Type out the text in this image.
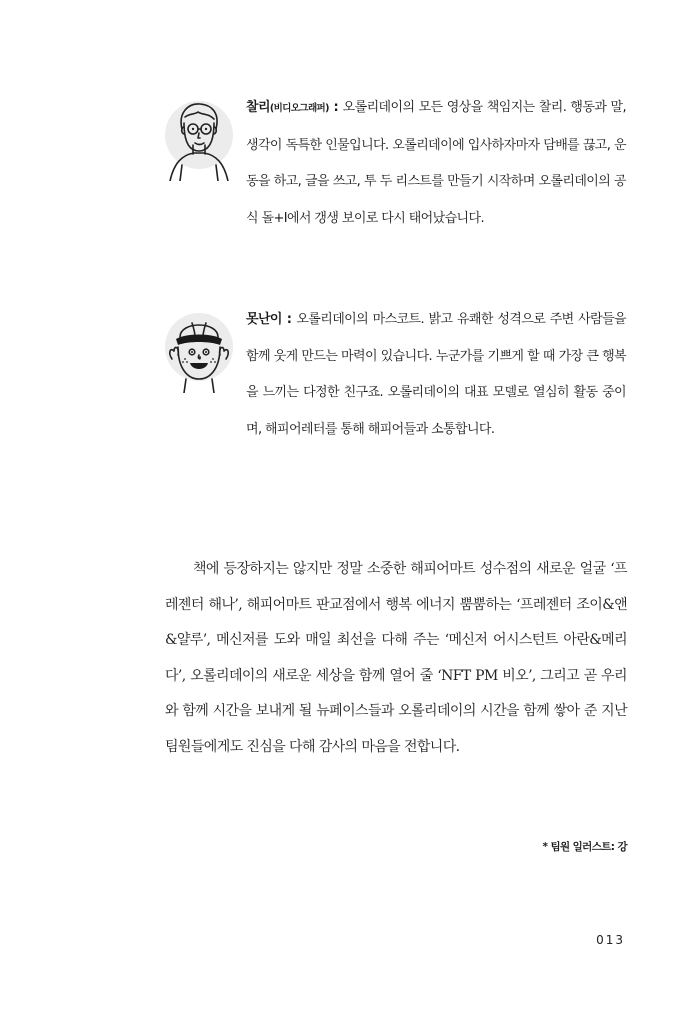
찰리(비디오그래퍼) : 오롤리데이의 모든 영상을 책임지는 찰리. 행동과 말, 생각이 독특한 인물입니다. 오롤리데이에 입사하자마자 담배를 끊고, 운동을 하고, 글을 쓰고, 투 두 리스트를 만들기 시작하며 오롤리데이의 공식 돌+I에서 갱생 보이로 다시 태어났습니다.

못난이 : 오롤리데이의 마스코트. 밝고 유쾌한 성격으로 주변 사람들을 함께 웃게 만드는 마력이 있습니다. 누군가를 기쁘게 할 때 가장 큰 행복을 느끼는 다정한 친구죠. 오롤리데이의 대표 모델로 열심히 활동 중이며, 해피어레터를 통해 해피어들과 소통합니다.

책에 등장하지는 않지만 정말 소중한 해피어마트 성수점의 새로운 얼굴 ‘프레젠터 해나’, 해피어마트 판교점에서 행복 에너지 뿜뿜하는 ‘프레젠터 조이&앤&얄루’, 메신저를 도와 매일 최선을 다해 주는 ‘메신저 어시스턴트 아란&메리다’, 오롤리데이의 새로운 세상을 함께 열어 줄 ‘NFT PM 비오’, 그리고 곧 우리와 함께 시간을 보내게 될 뉴페이스들과 오롤리데이의 시간을 함께 쌓아 준 지난 팀원들에게도 진심을 다해 감사의 마음을 전합니다.

* 팀원 일러스트: 강

013
